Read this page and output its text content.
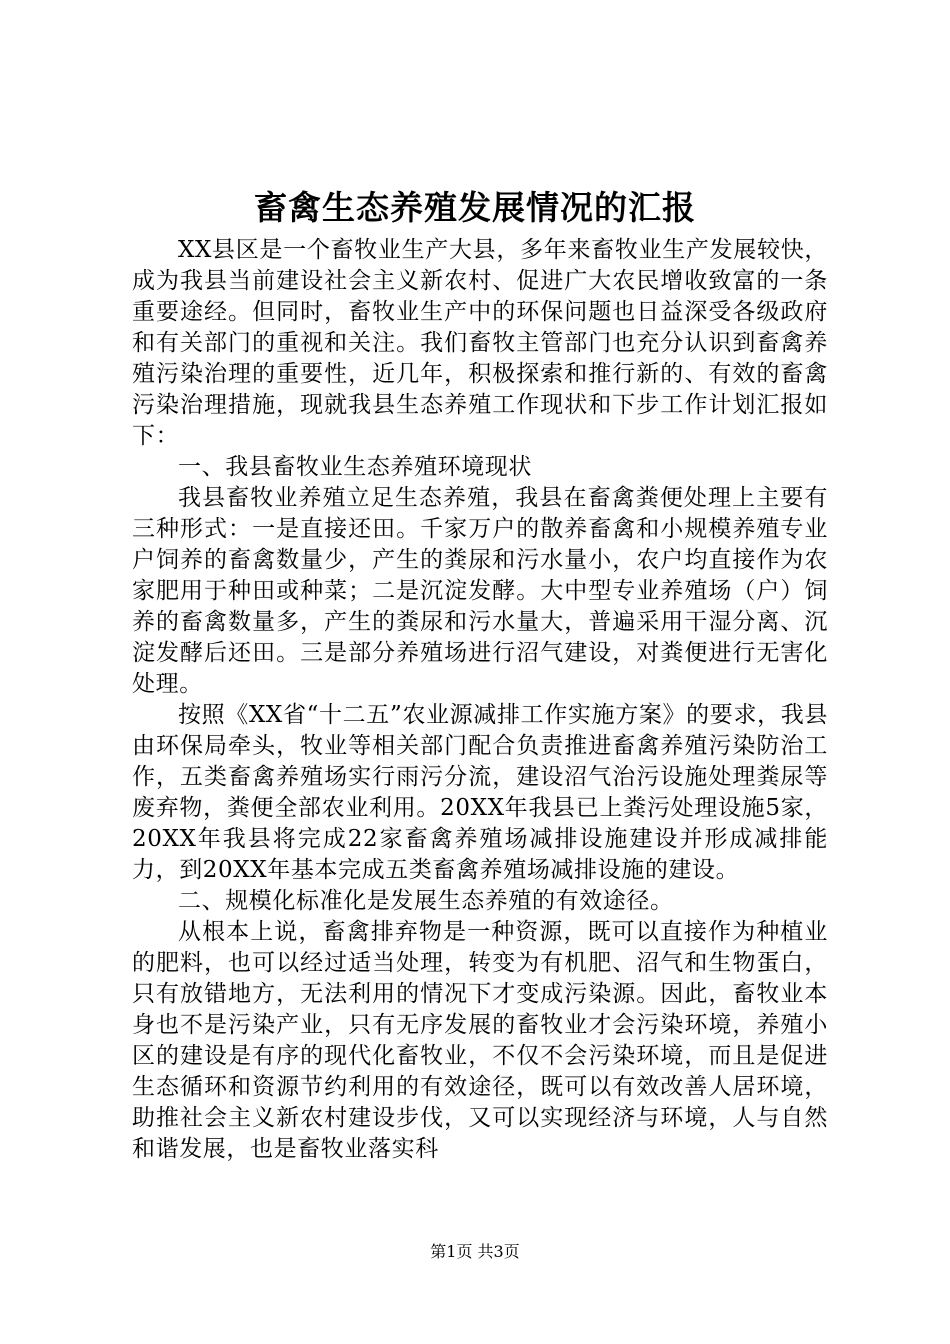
畜禽生态养殖发展情况的汇报

XX县区是一个畜牧业生产大县，多年来畜牧业生产发展较快，成为我县当前建设社会主义新农村、促进广大农民增收致富的一条重要途经。但同时，畜牧业生产中的环保问题也日益深受各级政府和有关部门的重视和关注。我们畜牧主管部门也充分认识到畜禽养殖污染治理的重要性，近几年，积极探索和推行新的、有效的畜禽污染治理措施，现就我县生态养殖工作现状和下步工作计划汇报如下：

一、我县畜牧业生态养殖环境现状

我县畜牧业养殖立足生态养殖，我县在畜禽粪便处理上主要有三种形式：一是直接还田。千家万户的散养畜禽和小规模养殖专业户饲养的畜禽数量少，产生的粪尿和污水量小，农户均直接作为农家肥用于种田或种菜；二是沉淀发酵。大中型专业养殖场（户）饲养的畜禽数量多，产生的粪尿和污水量大，普遍采用干湿分离、沉淀发酵后还田。三是部分养殖场进行沼气建设，对粪便进行无害化处理。

按照《XX省“十二五”农业源减排工作实施方案》的要求，我县由环保局牵头，牧业等相关部门配合负责推进畜禽养殖污染防治工作，五类畜禽养殖场实行雨污分流，建设沼气治污设施处理粪尿等废弃物，粪便全部农业利用。20XX年我县已上粪污处理设施5家，20XX年我县将完成22家畜禽养殖场减排设施建设并形成减排能力，到20XX年基本完成五类畜禽养殖场减排设施的建设。

二、规模化标准化是发展生态养殖的有效途径。

从根本上说，畜禽排弃物是一种资源，既可以直接作为种植业的肥料，也可以经过适当处理，转变为有机肥、沼气和生物蛋白，只有放错地方，无法利用的情况下才变成污染源。因此，畜牧业本身也不是污染产业，只有无序发展的畜牧业才会污染环境，养殖小区的建设是有序的现代化畜牧业，不仅不会污染环境，而且是促进生态循环和资源节约利用的有效途径，既可以有效改善人居环境，助推社会主义新农村建设步伐，又可以实现经济与环境，人与自然和谐发展，也是畜牧业落实科

第1页 共3页
